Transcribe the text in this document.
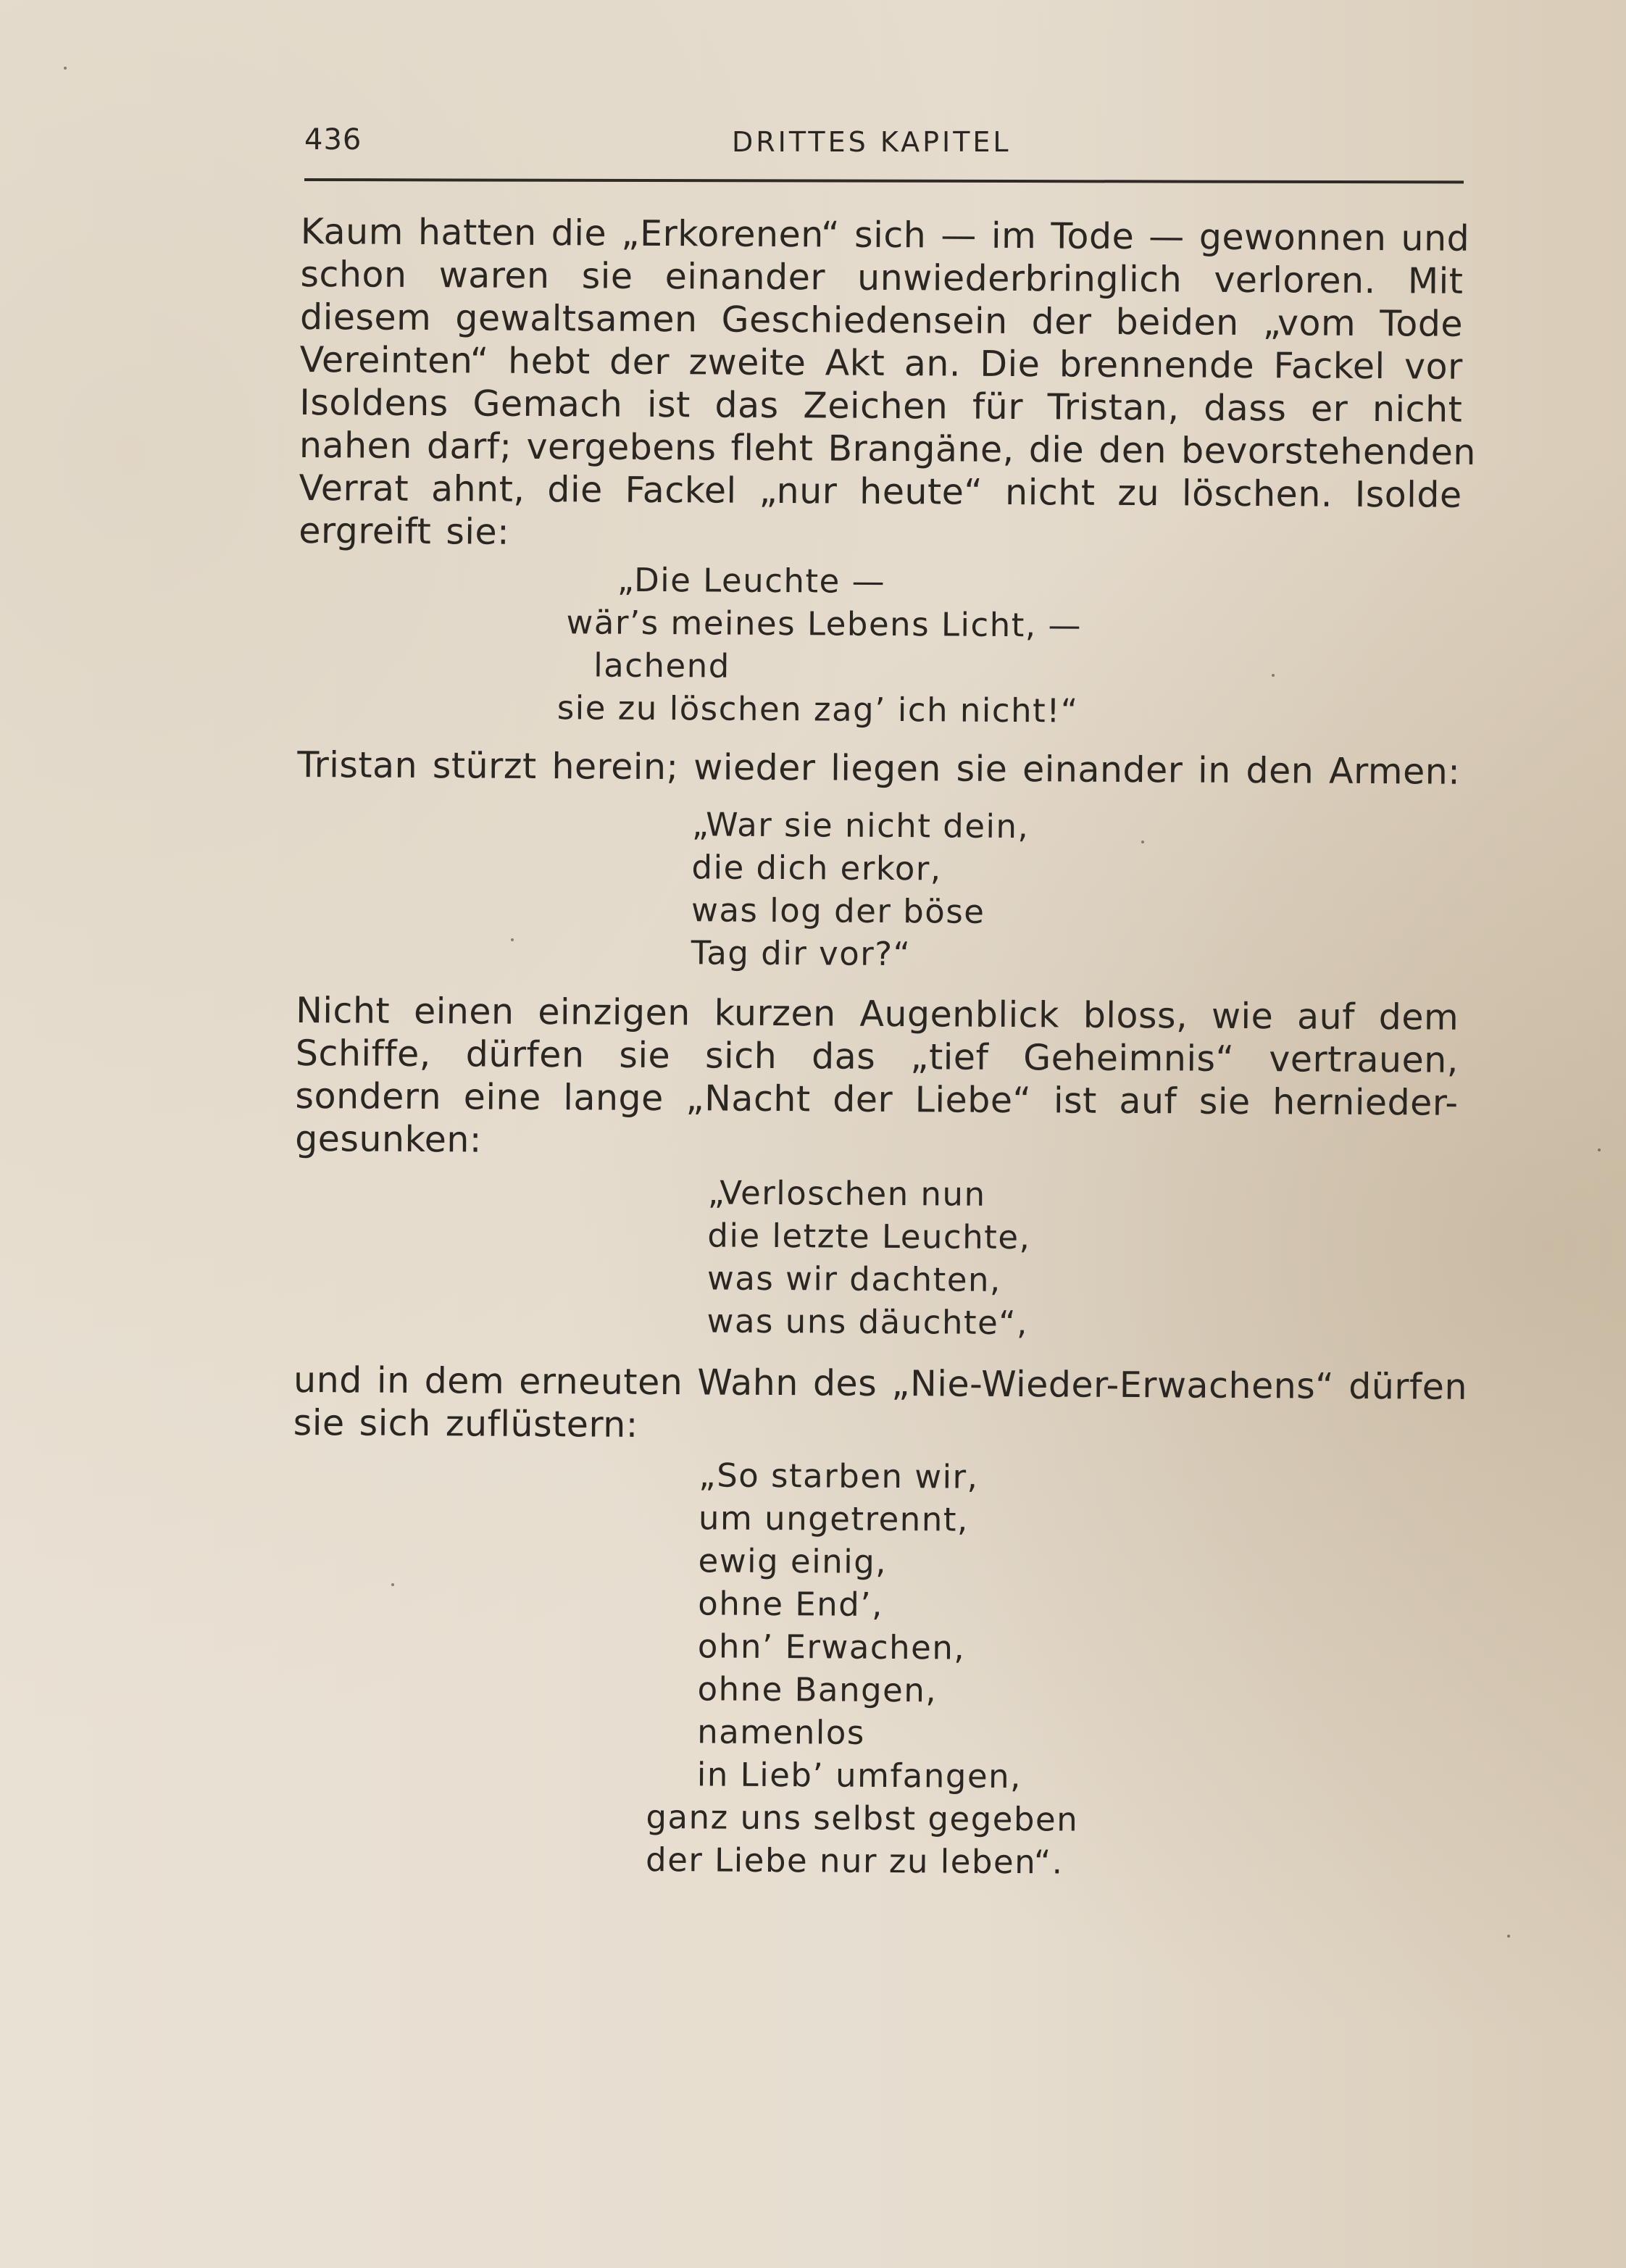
436	DRITTES KAPITEL

Kaum hatten die „Erkorenen“ sich — im Tode — gewonnen und
schon waren sie einander unwiederbringlich verloren. Mit
diesem gewaltsamen Geschiedensein der beiden „vom Tode
Vereinten“ hebt der zweite Akt an. Die brennende Fackel vor
Isoldens Gemach ist das Zeichen für Tristan, dass er nicht
nahen darf; vergebens fleht Brangäne, die den bevorstehenden
Verrat ahnt, die Fackel „nur heute“ nicht zu löschen. Isolde
ergreift sie:

„Die Leuchte —
wär’s meines Lebens Licht, —
lachend
sie zu löschen zag’ ich nicht!“

Tristan stürzt herein; wieder liegen sie einander in den Armen:

„War sie nicht dein,
die dich erkor,
was log der böse
Tag dir vor?“

Nicht einen einzigen kurzen Augenblick bloss, wie auf dem
Schiffe, dürfen sie sich das „tief Geheimnis“ vertrauen,
sondern eine lange „Nacht der Liebe“ ist auf sie hernieder-
gesunken:

„Verloschen nun
die letzte Leuchte,
was wir dachten,
was uns däuchte“,

und in dem erneuten Wahn des „Nie-Wieder-Erwachens“ dürfen
sie sich zuflüstern:

„So starben wir,
um ungetrennt,
ewig einig,
ohne End’,
ohn’ Erwachen,
ohne Bangen,
namenlos
in Lieb’ umfangen,
ganz uns selbst gegeben
der Liebe nur zu leben“.
